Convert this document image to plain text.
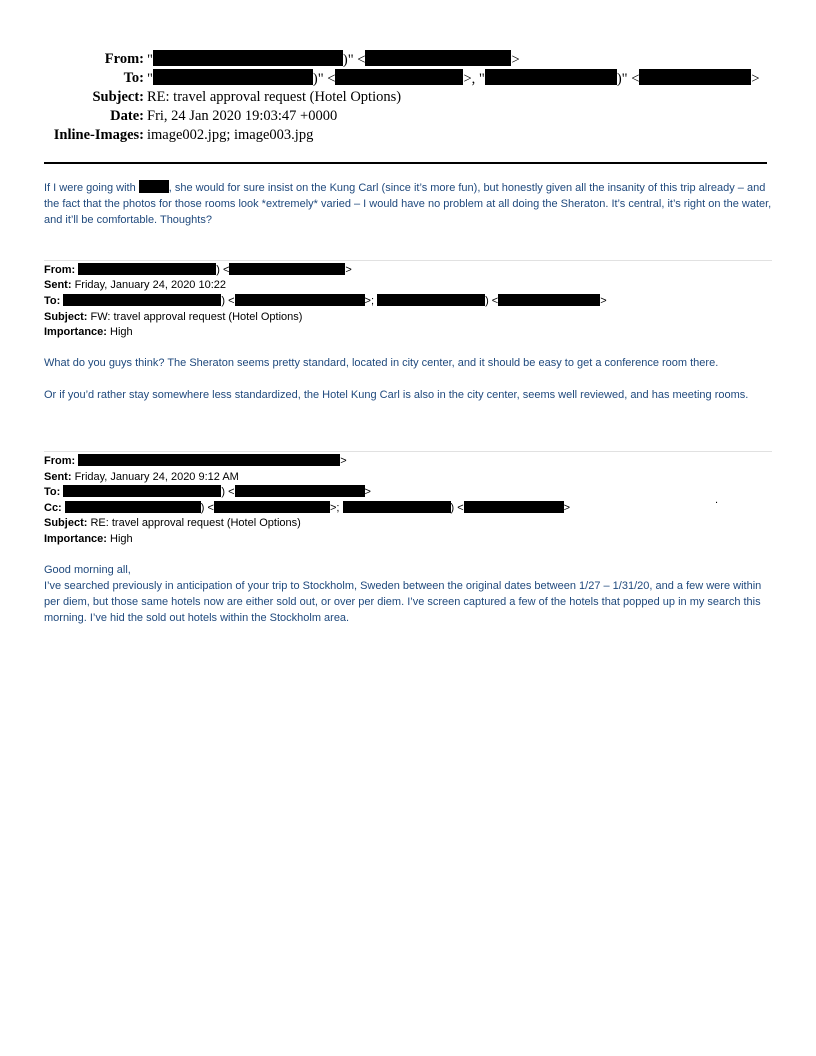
From: "	)" <	>
To: "	)" <	>, "	)" <	>
Subject: RE: travel approval request (Hotel Options)
Date: Fri, 24 Jan 2020 19:03:47 +0000
Inline-Images: image002.jpg; image003.jpg
If I were going with	, she would for sure insist on the Kung Carl (since it’s more fun), but honestly given all the insanity of this trip already – and the fact that the photos for those rooms look *extremely* varied – I would have no problem at all doing the Sheraton. It’s central, it’s right on the water, and it’ll be comfortable. Thoughts?
From:	) <	>
Sent: Friday, January 24, 2020 10:22
To:	) <	>;	) <	>
Subject: FW: travel approval request (Hotel Options)
Importance: High
What do you guys think? The Sheraton seems pretty standard, located in city center, and it should be easy to get a conference room there.
Or if you’d rather stay somewhere less standardized, the Hotel Kung Carl is also in the city center, seems well reviewed, and has meeting rooms.
From:	>
Sent: Friday, January 24, 2020 9:12 AM
To:	) <	>
Cc:	) <	>;	) <	>
Subject: RE: travel approval request (Hotel Options)
Importance: High
.
Good morning all,
I’ve searched previously in anticipation of your trip to Stockholm, Sweden between the original dates between 1/27 – 1/31/20, and a few were within per diem, but those same hotels now are either sold out, or over per diem. I’ve screen captured a few of the hotels that popped up in my search this morning. I’ve hid the sold out hotels within the Stockholm area.
